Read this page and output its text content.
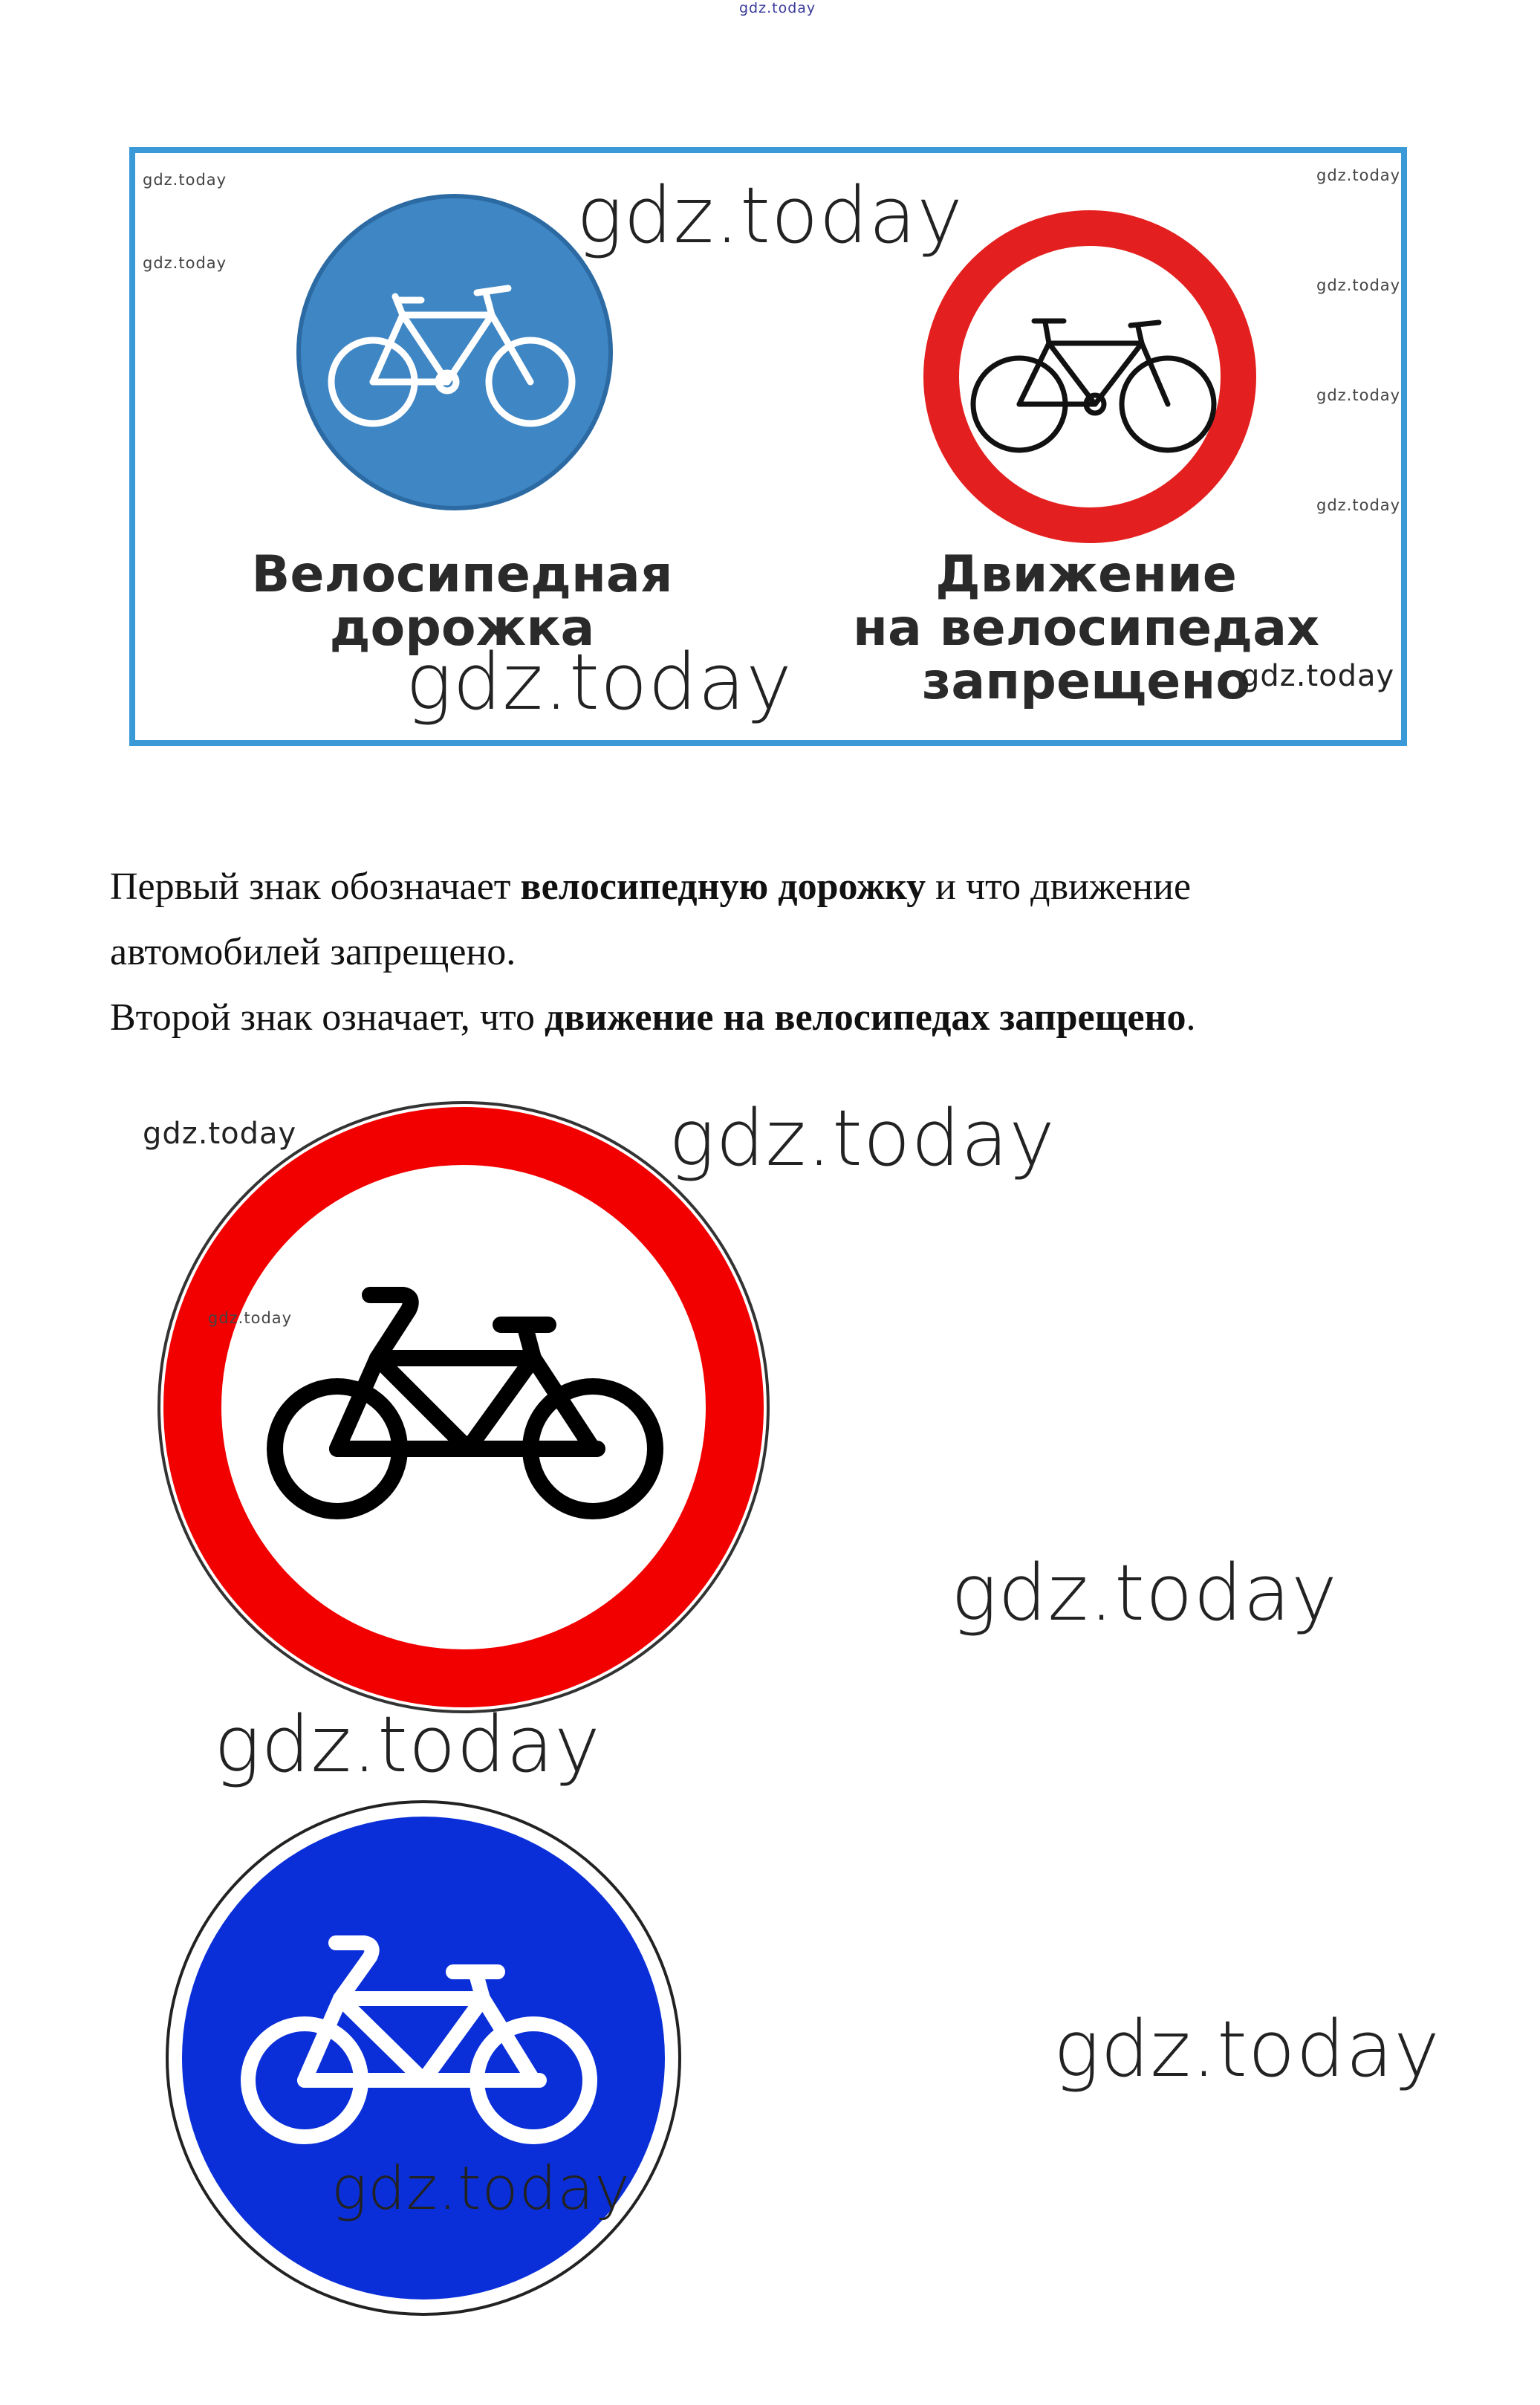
gdz.today
Велосипедная
дорожка
Движение
на велосипедах
запрещено
gdz.today
gdz.today
gdz.today
gdz.today
gdz.today
gdz.today
gdz.today
gdz.today
gdz.today

Первый знак обозначает велосипедную дорожку и что движение

автомобилей запрещено.

Второй знак означает, что движение на велосипедах запрещено.

gdz.today	gdz.today
gdz.today
gdz.today
gdz.today
gdz.today
gdz.today
